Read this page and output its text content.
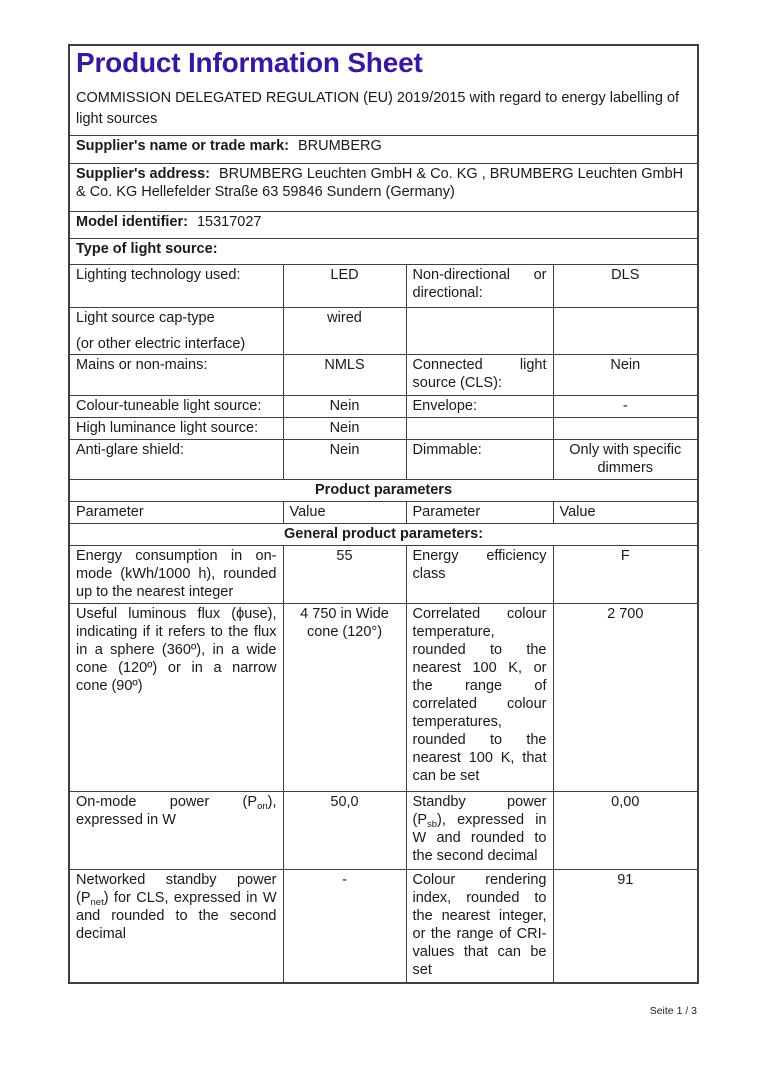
Product Information Sheet

COMMISSION DELEGATED REGULATION (EU) 2019/2015 with regard to energy labelling of light sources

Supplier's name or trade mark: BRUMBERG			
Supplier's address: BRUMBERG Leuchten GmbH & Co. KG , BRUMBERG Leuchten GmbH & Co. KG Hellefelder Straße 63 59846 Sundern (Germany)			
Model identifier: 15317027			
Type of light source:			
Lighting technology used:	LED	Non-directional or directional:	DLS

Light source cap-type
(or other electric interface)	wired		
Mains or non-mains:	NMLS	Connected light source (CLS):	Nein
Colour-tuneable light source:	Nein	Envelope:	-
High luminance light source:	Nein		
Anti-glare shield:	Nein	Dimmable:	Only with specific dimmers
Product parameters			
Parameter	Value	Parameter	Value
General product parameters:			
Energy consumption in on-mode (kWh/1000 h), rounded up to the nearest integer	55	Energy efficiency class	F
Useful luminous flux (ϕuse), indicating if it refers to the flux in a sphere (360º), in a wide cone (120º) or in a narrow cone (90º)	4 750 in Wide cone (120°)	Correlated colour temperature, rounded to the nearest 100 K, or the range of correlated colour temperatures, rounded to the nearest 100 K, that can be set	2 700
On-mode power $(P_{on})$, expressed in W	50,0	Standby power $(P_{sb})$, expressed in W and rounded to the second decimal	0,00
Networked standby power $(P_{net})$ for CLS, expressed in W and rounded to the second decimal	-	Colour rendering index, rounded to the nearest integer, or the range of CRI-values that can be set	91
Seite 1 / 3
